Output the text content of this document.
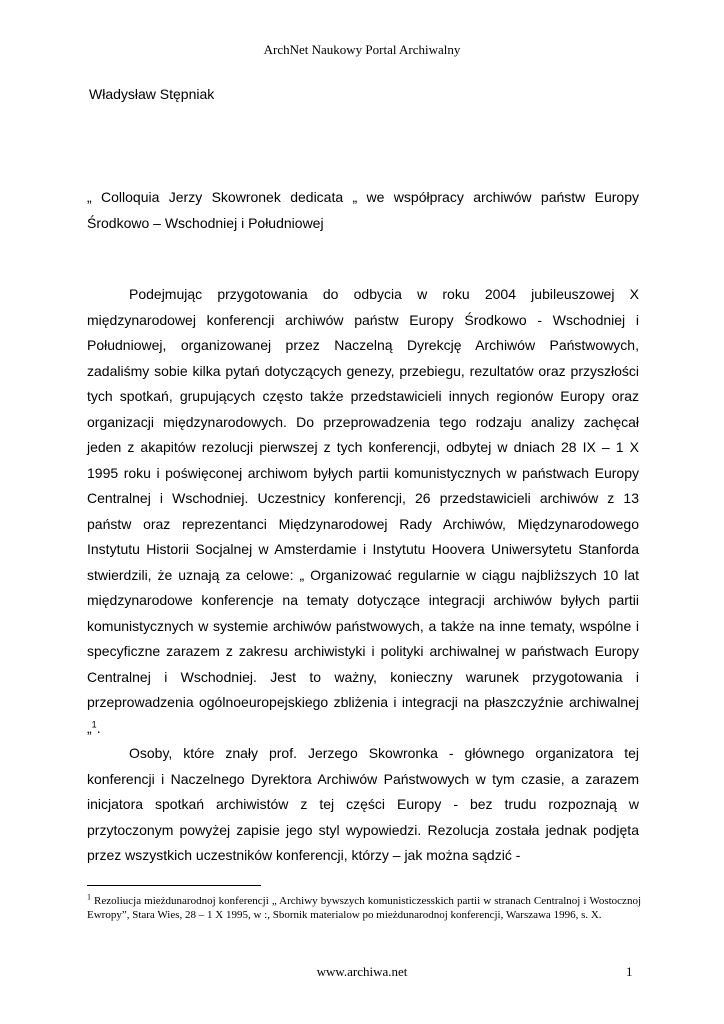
ArchNet Naukowy Portal Archiwalny
Władysław Stępniak
„ Colloquia Jerzy Skowronek dedicata „ we współpracy archiwów państw Europy Środkowo – Wschodniej i Południowej

Podejmując przygotowania do odbycia w roku 2004 jubileuszowej X międzynarodowej konferencji archiwów państw Europy Środkowo - Wschodniej i Południowej, organizowanej przez Naczelną Dyrekcję Archiwów Państwowych, zadaliśmy sobie kilka pytań dotyczących genezy, przebiegu, rezultatów oraz przyszłości tych spotkań, grupujących często także przedstawicieli innych regionów Europy oraz organizacji międzynarodowych. Do przeprowadzenia tego rodzaju analizy zachęcał jeden z akapitów rezolucji pierwszej z tych konferencji, odbytej w dniach 28 IX – 1 X 1995 roku i poświęconej archiwom byłych partii komunistycznych w państwach Europy Centralnej i Wschodniej. Uczestnicy konferencji, 26 przedstawicieli archiwów z 13 państw oraz reprezentanci Międzynarodowej Rady Archiwów, Międzynarodowego Instytutu Historii Socjalnej w Amsterdamie i Instytutu Hoovera Uniwersytetu Stanforda stwierdzili, że uznają za celowe: „ Organizować regularnie w ciągu najbliższych 10 lat międzynarodowe konferencje na tematy dotyczące integracji archiwów byłych partii komunistycznych w systemie archiwów państwowych, a także na inne tematy, wspólne i specyficzne zarazem z zakresu archiwistyki i polityki archiwalnej w państwach Europy Centralnej i Wschodniej. Jest to ważny, konieczny warunek przygotowania i przeprowadzenia ogólnoeuropejskiego zbliżenia i integracji na płaszczyźnie archiwalnej „$^1$.

Osoby, które znały prof. Jerzego Skowronka - głównego organizatora tej konferencji i Naczelnego Dyrektora Archiwów Państwowych w tym czasie, a zarazem inicjatora spotkań archiwistów z tej części Europy - bez trudu rozpoznają w przytoczonym powyżej zapisie jego styl wypowiedzi. Rezolucja została jednak podjęta przez wszystkich uczestników konferencji, którzy – jak można sądzić -

$^1$ Rezoliucja mieżdunarodnoj konferencji „ Archiwy bywszych komunisticzesskich partii w stranach Centralnoj i Wostocznoj Ewropy”, Stara Wies, 28 – 1 X 1995, w :, Sbornik materialow po mieżdunarodnoj konferencji, Warszawa 1996, s. X.
www.archiwa.net	1
